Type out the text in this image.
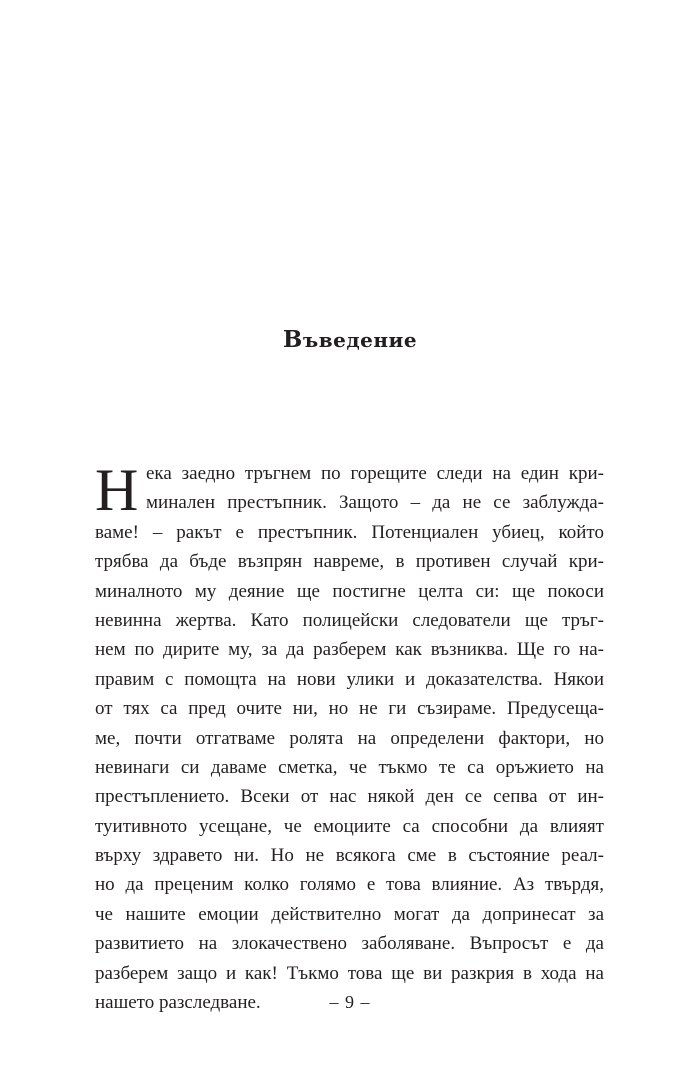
Въведение
Н ека заедно тръгнем по горещите следи на един кри-
минален престъпник. Защото – да не се заблужда-
ваме! – ракът е престъпник. Потенциален убиец, който
трябва да бъде възпрян навреме, в противен случай кри-
миналното му деяние ще постигне целта си: ще покоси
невинна жертва. Като полицейски следователи ще тръг-
нем по дирите му, за да разберем как възниква. Ще го на-
правим с помощта на нови улики и доказателства. Някои
от тях са пред очите ни, но не ги съзираме. Предусеща-
ме, почти отгатваме ролята на определени фактори, но
невинаги си даваме сметка, че тъкмо те са оръжието на
престъплението. Всеки от нас някой ден се сепва от ин-
туитивното усещане, че емоциите са способни да влияят
върху здравето ни. Но не всякога сме в състояние реал-
но да преценим колко голямо е това влияние. Аз твърдя,
че нашите емоции действително могат да допринесат за
развитието на злокачествено заболяване. Въпросът е да
разберем защо и как! Тъкмо това ще ви разкрия в хода на
нашето разследване.	– 9 –
